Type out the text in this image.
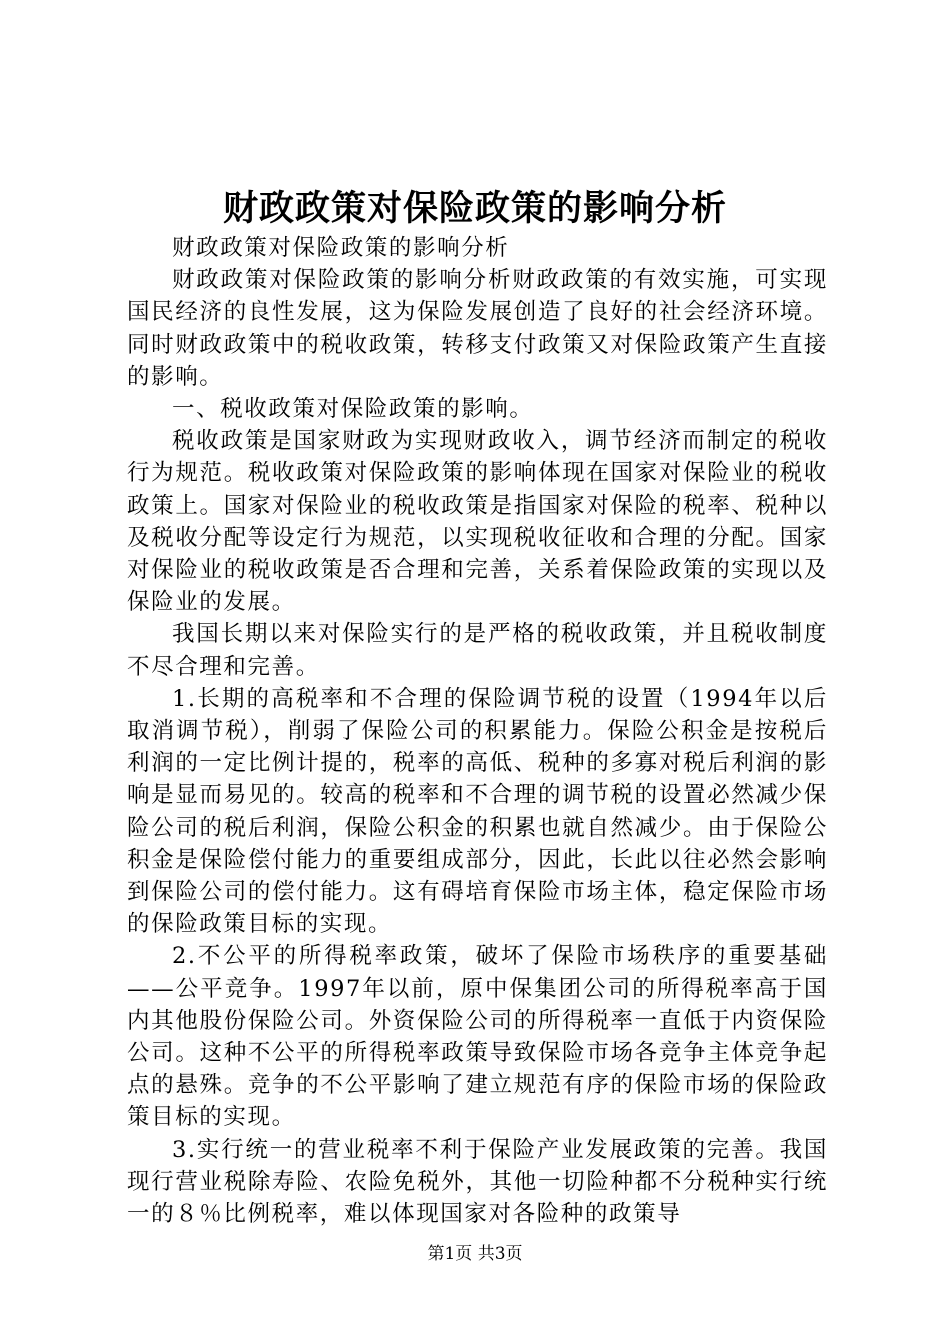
财政政策对保险政策的影响分析

财政政策对保险政策的影响分析

财政政策对保险政策的影响分析财政政策的有效实施，可实现国民经济的良性发展，这为保险发展创造了良好的社会经济环境。同时财政政策中的税收政策，转移支付政策又对保险政策产生直接的影响。

一、税收政策对保险政策的影响。

税收政策是国家财政为实现财政收入，调节经济而制定的税收行为规范。税收政策对保险政策的影响体现在国家对保险业的税收政策上。国家对保险业的税收政策是指国家对保险的税率、税种以及税收分配等设定行为规范，以实现税收征收和合理的分配。国家对保险业的税收政策是否合理和完善，关系着保险政策的实现以及保险业的发展。

我国长期以来对保险实行的是严格的税收政策，并且税收制度不尽合理和完善。

1.长期的高税率和不合理的保险调节税的设置（1994年以后取消调节税），削弱了保险公司的积累能力。保险公积金是按税后利润的一定比例计提的，税率的高低、税种的多寡对税后利润的影响是显而易见的。较高的税率和不合理的调节税的设置必然减少保险公司的税后利润，保险公积金的积累也就自然减少。由于保险公积金是保险偿付能力的重要组成部分，因此，长此以往必然会影响到保险公司的偿付能力。这有碍培育保险市场主体，稳定保险市场的保险政策目标的实现。

2.不公平的所得税率政策，破坏了保险市场秩序的重要基础——公平竞争。1997年以前，原中保集团公司的所得税率高于国内其他股份保险公司。外资保险公司的所得税率一直低于内资保险公司。这种不公平的所得税率政策导致保险市场各竞争主体竞争起点的悬殊。竞争的不公平影响了建立规范有序的保险市场的保险政策目标的实现。

3.实行统一的营业税率不利于保险产业发展政策的完善。我国现行营业税除寿险、农险免税外，其他一切险种都不分税种实行统一的８％比例税率，难以体现国家对各险种的政策导

第1页 共3页
